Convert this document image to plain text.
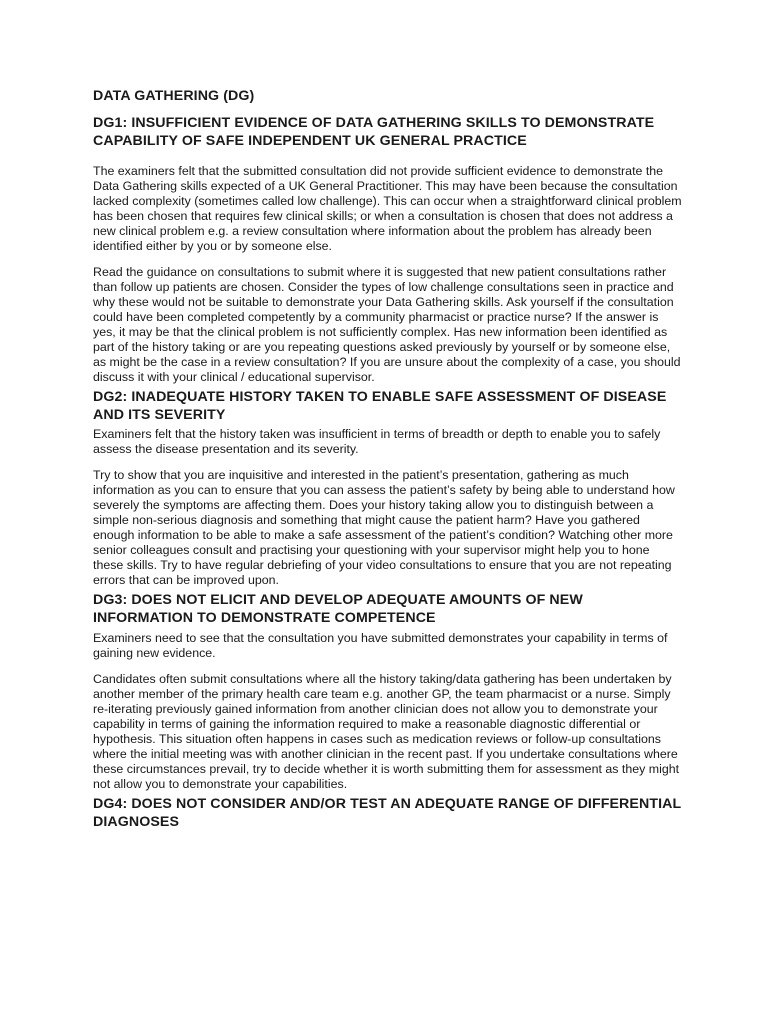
DATA GATHERING (DG)
DG1: INSUFFICIENT EVIDENCE OF DATA GATHERING SKILLS TO DEMONSTRATE CAPABILITY OF SAFE INDEPENDENT UK GENERAL PRACTICE

The examiners felt that the submitted consultation did not provide sufficient evidence to demonstrate the Data Gathering skills expected of a UK General Practitioner. This may have been because the consultation lacked complexity (sometimes called low challenge). This can occur when a straightforward clinical problem has been chosen that requires few clinical skills; or when a consultation is chosen that does not address a new clinical problem e.g. a review consultation where information about the problem has already been identified either by you or by someone else.

Read the guidance on consultations to submit where it is suggested that new patient consultations rather than follow up patients are chosen. Consider the types of low challenge consultations seen in practice and why these would not be suitable to demonstrate your Data Gathering skills. Ask yourself if the consultation could have been completed competently by a community pharmacist or practice nurse? If the answer is yes, it may be that the clinical problem is not sufficiently complex. Has new information been identified as part of the history taking or are you repeating questions asked previously by yourself or by someone else, as might be the case in a review consultation? If you are unsure about the complexity of a case, you should discuss it with your clinical / educational supervisor.

DG2: INADEQUATE HISTORY TAKEN TO ENABLE SAFE ASSESSMENT OF DISEASE AND ITS SEVERITY

Examiners felt that the history taken was insufficient in terms of breadth or depth to enable you to safely assess the disease presentation and its severity.

Try to show that you are inquisitive and interested in the patient’s presentation, gathering as much information as you can to ensure that you can assess the patient’s safety by being able to understand how severely the symptoms are affecting them. Does your history taking allow you to distinguish between a simple non-serious diagnosis and something that might cause the patient harm? Have you gathered enough information to be able to make a safe assessment of the patient’s condition? Watching other more senior colleagues consult and practising your questioning with your supervisor might help you to hone these skills. Try to have regular debriefing of your video consultations to ensure that you are not repeating errors that can be improved upon.

DG3: DOES NOT ELICIT AND DEVELOP ADEQUATE AMOUNTS OF NEW INFORMATION TO DEMONSTRATE COMPETENCE

Examiners need to see that the consultation you have submitted demonstrates your capability in terms of gaining new evidence.

Candidates often submit consultations where all the history taking/data gathering has been undertaken by another member of the primary health care team e.g. another GP, the team pharmacist or a nurse. Simply re-iterating previously gained information from another clinician does not allow you to demonstrate your capability in terms of gaining the information required to make a reasonable diagnostic differential or hypothesis. This situation often happens in cases such as medication reviews or follow-up consultations where the initial meeting was with another clinician in the recent past. If you undertake consultations where these circumstances prevail, try to decide whether it is worth submitting them for assessment as they might not allow you to demonstrate your capabilities.

DG4: DOES NOT CONSIDER AND/OR TEST AN ADEQUATE RANGE OF DIFFERENTIAL DIAGNOSES
